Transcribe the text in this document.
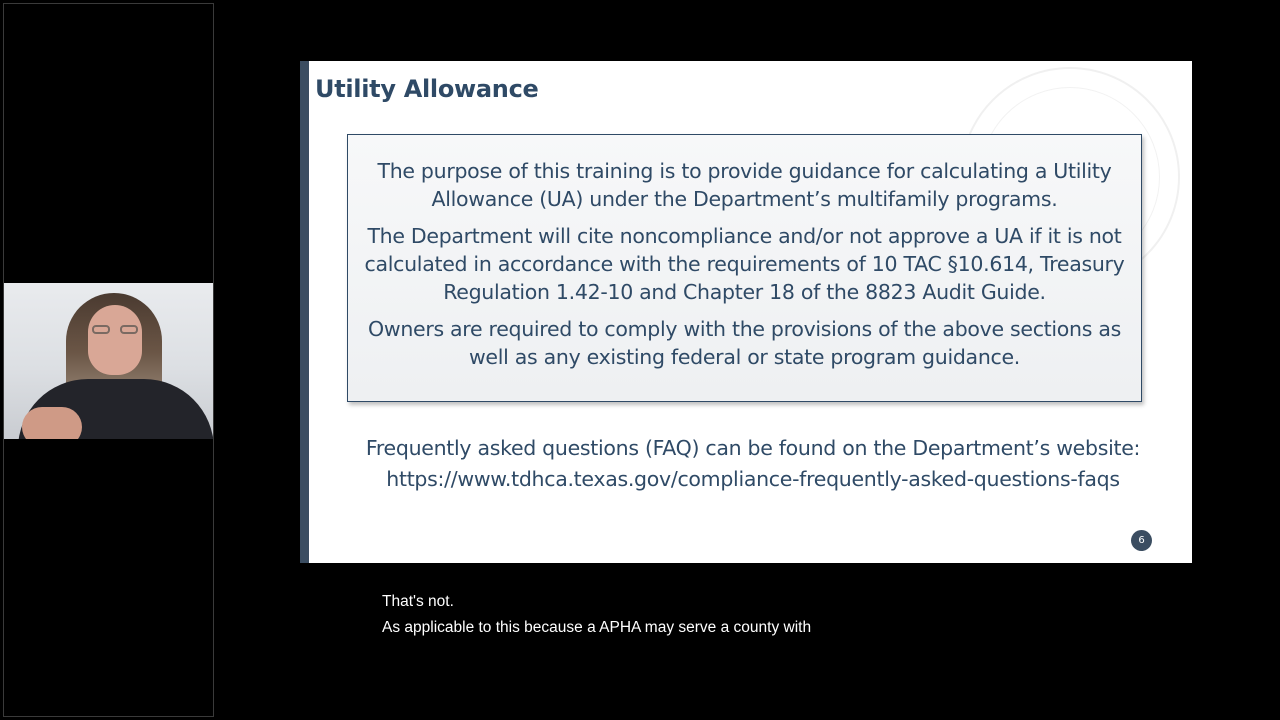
Utility Allowance

The purpose of this training is to provide guidance for calculating a Utility Allowance (UA) under the Department’s multifamily programs.

The Department will cite noncompliance and/or not approve a UA if it is not calculated in accordance with the requirements of 10 TAC §10.614, Treasury Regulation 1.42-10 and Chapter 18 of the 8823 Audit Guide.

Owners are required to comply with the provisions of the above sections as well as any existing federal or state program guidance.

Frequently asked questions (FAQ) can be found on the Department’s website: https://www.tdhca.texas.gov/compliance-frequently-asked-questions-faqs
6
That's not.
As applicable to this because a APHA may serve a county with
